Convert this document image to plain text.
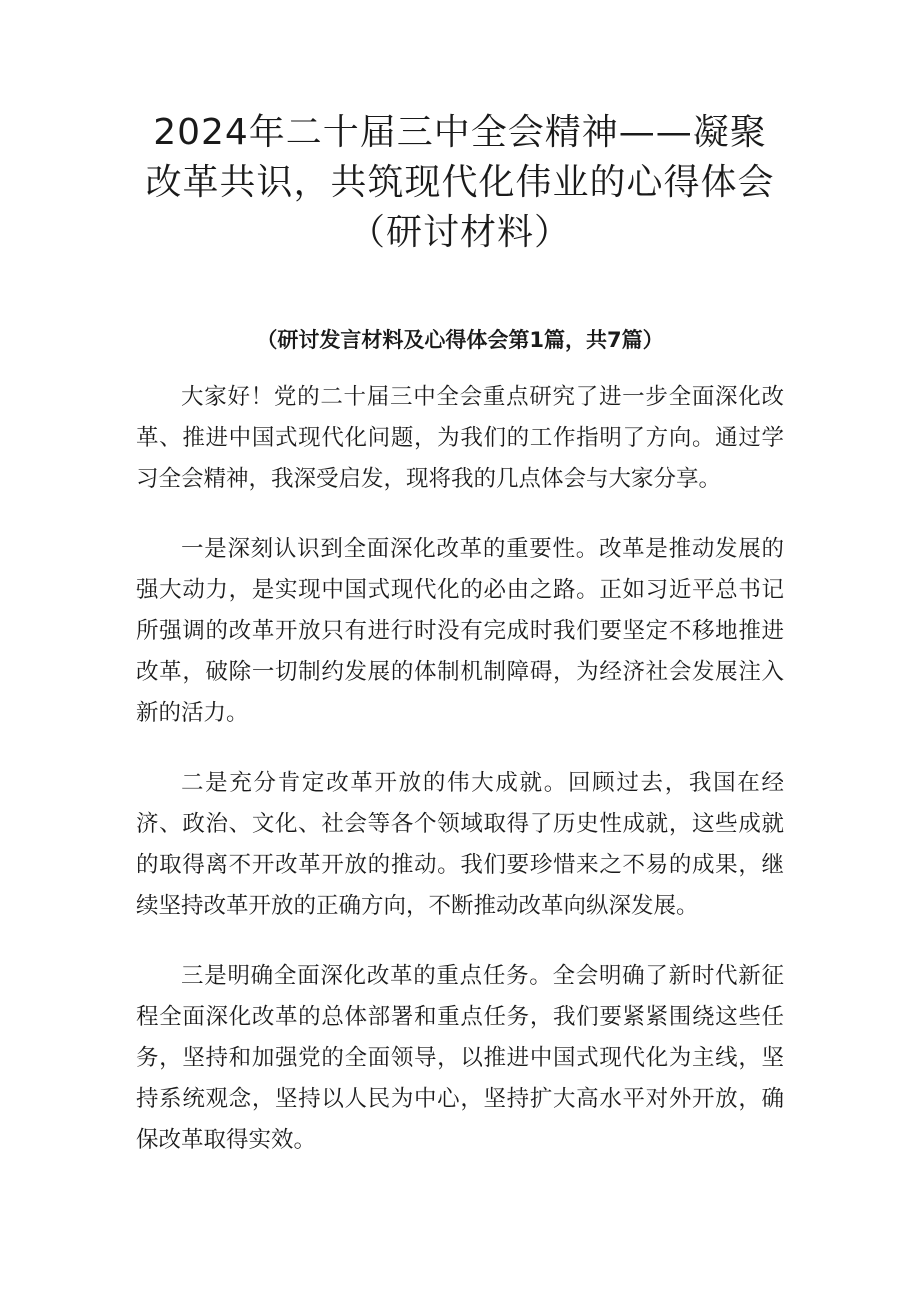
2024年二十届三中全会精神——凝聚改革共识，共筑现代化伟业的心得体会（研讨材料）
（研讨发言材料及心得体会第1篇，共7篇）

大家好！党的二十届三中全会重点研究了进一步全面深化改革、推进中国式现代化问题，为我们的工作指明了方向。通过学习全会精神，我深受启发，现将我的几点体会与大家分享。

一是深刻认识到全面深化改革的重要性。改革是推动发展的强大动力，是实现中国式现代化的必由之路。正如习近平总书记所强调的改革开放只有进行时没有完成时我们要坚定不移地推进改革，破除一切制约发展的体制机制障碍，为经济社会发展注入新的活力。

二是充分肯定改革开放的伟大成就。回顾过去，我国在经济、政治、文化、社会等各个领域取得了历史性成就，这些成就的取得离不开改革开放的推动。我们要珍惜来之不易的成果，继续坚持改革开放的正确方向，不断推动改革向纵深发展。

三是明确全面深化改革的重点任务。全会明确了新时代新征程全面深化改革的总体部署和重点任务，我们要紧紧围绕这些任务，坚持和加强党的全面领导，以推进中国式现代化为主线，坚持系统观念，坚持以人民为中心，坚持扩大高水平对外开放，确保改革取得实效。
